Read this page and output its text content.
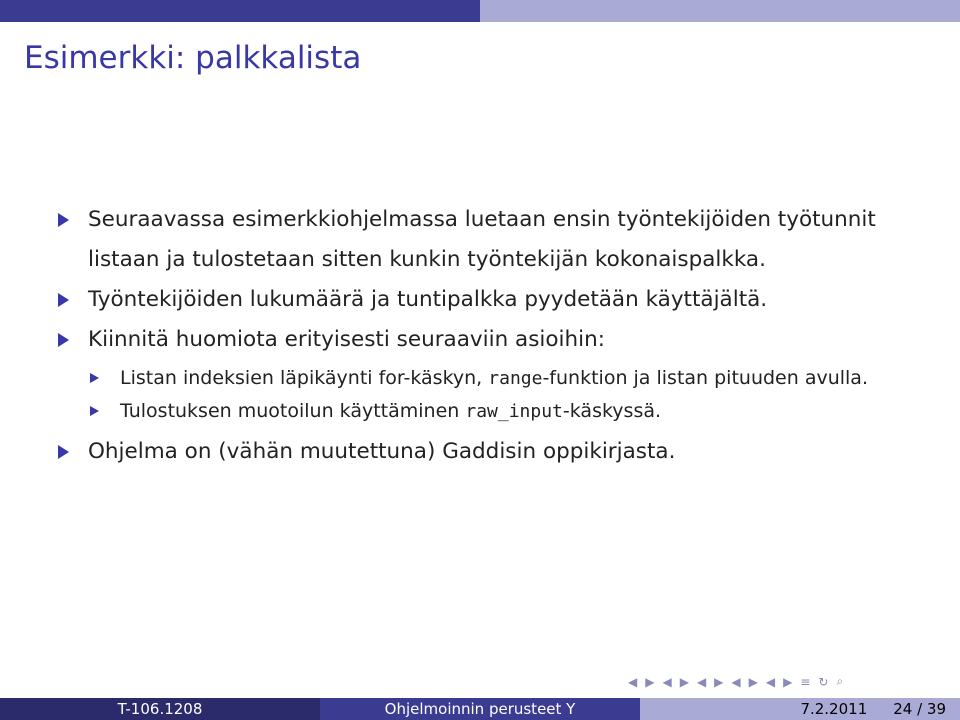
Esimerkki: palkkalista
Seuraavassa esimerkkiohjelmassa luetaan ensin työntekijöiden työtunnit listaan ja tulostetaan sitten kunkin työntekijän kokonaispalkka.
Työntekijöiden lukumäärä ja tuntipalkka pyydetään käyttäjältä.
Kiinnitä huomiota erityisesti seuraaviin asioihin:
Listan indeksien läpikäynti for-käskyn, range-funktion ja listan pituuden avulla.
Tulostuksen muotoilun käyttäminen raw_input-käskyssä.
Ohjelma on (vähän muutettuna) Gaddisin oppikirjasta.
◀ ▶ ◀ ▶ ◀ ▶ ◀ ▶ ◀ ▶ ≡ ↻ ⌕
T-106.1208	Ohjelmoinnin perusteet Y	7.2.2011 24 / 39
